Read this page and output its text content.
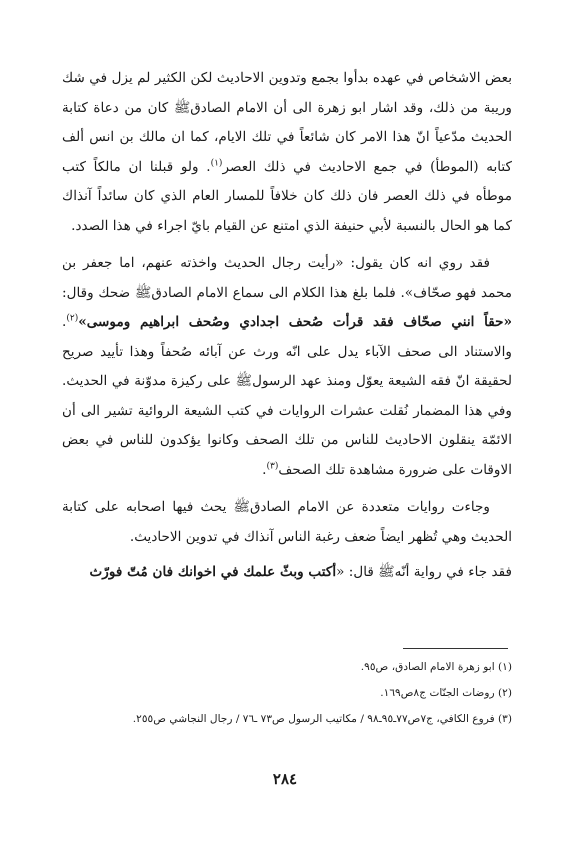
بعض الاشخاص في عهده بدأوا بجمع وتدوين الاحاديث لكن الكثير لم يزل في شك وريبة من ذلك، وقد اشار ابو زهرة الى أن الامام الصادقﷺ كان من دعاة كتابة الحديث مدّعياً انّ هذا الامر كان شائعاً في تلك الايام، كما ان مالك بن انس ألف كتابه (الموطأ) في جمع الاحاديث في ذلك العصر$^{(١)}$. ولو قبلنا ان مالكاً كتب موطأه في ذلك العصر فان ذلك كان خلافاً للمسار العام الذي كان سائداً آنذاك كما هو الحال بالنسبة لأبي حنيفة الذي امتنع عن القيام بايّ اجراء في هذا الصدد.

فقد روي انه كان يقول: «رأيت رجال الحديث واخذته عنهم، اما جعفر بن محمد فهو صحّاف». فلما بلغ هذا الكلام الى سماع الامام الصادقﷺ ضحك وقال: «حقاً انني صحّاف فقد قرأت صُحف اجدادي وصُحف ابراهيم وموسى»$^{(٢)}$. والاستناد الى صحف الآباء يدل على انّه ورث عن آبائه صُحفاً وهذا تأييد صريح لحقيقة انّ فقه الشيعة يعوّل ومنذ عهد الرسولﷺ على ركيزة مدوّنة في الحديث. وفي هذا المضمار نُقلت عشرات الروايات في كتب الشيعة الروائية تشير الى أن الائمّة ينقلون الاحاديث للناس من تلك الصحف وكانوا يؤكدون للناس في بعض الاوقات على ضرورة مشاهدة تلك الصحف$^{(٣)}$.

وجاءت روايات متعددة عن الامام الصادقﷺ يحث فيها اصحابه على كتابة الحديث وهي تُظهر ايضاً ضعف رغبة الناس آنذاك في تدوين الاحاديث.

فقد جاء في رواية أنّهﷺ قال: «أكتب وبثّ علمك في اخوانك فان مُتّ فورّث

(١) ابو زهرة الامام الصادق، ص٩٥.

(٢) روضات الجنّات ج٨ص١٦٩.

(٣) فروع الكافي، ج٧ص٧٧ـ٩٥ـ٩٨ / مكاتيب الرسول ص٧٣ ـ٧٦ / رجال النجاشي ص٢٥٥.

٢٨٤
